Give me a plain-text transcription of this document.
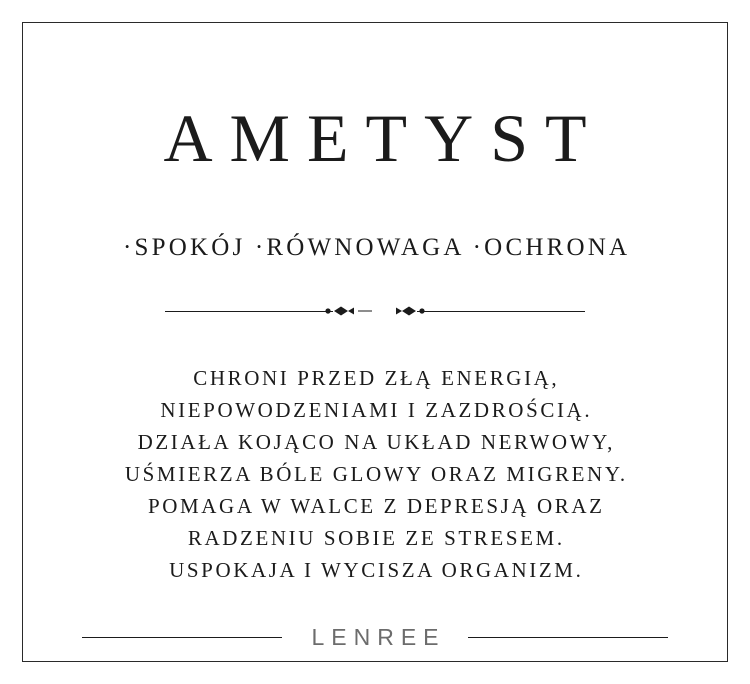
AMETYST
·SPOKÓJ ·RÓWNOWAGA ·OCHRONA
CHRONI PRZED ZŁĄ ENERGIĄ,
NIEPOWODZENIAMI I ZAZDROŚCIĄ.
DZIAŁA KOJĄCO NA UKŁAD NERWOWY,
UŚMIERZA BÓLE GLOWY ORAZ MIGRENY.
POMAGA W WALCE Z DEPRESJĄ ORAZ
RADZENIU SOBIE ZE STRESEM.
USPOKAJA I WYCISZA ORGANIZM.
LENREE
